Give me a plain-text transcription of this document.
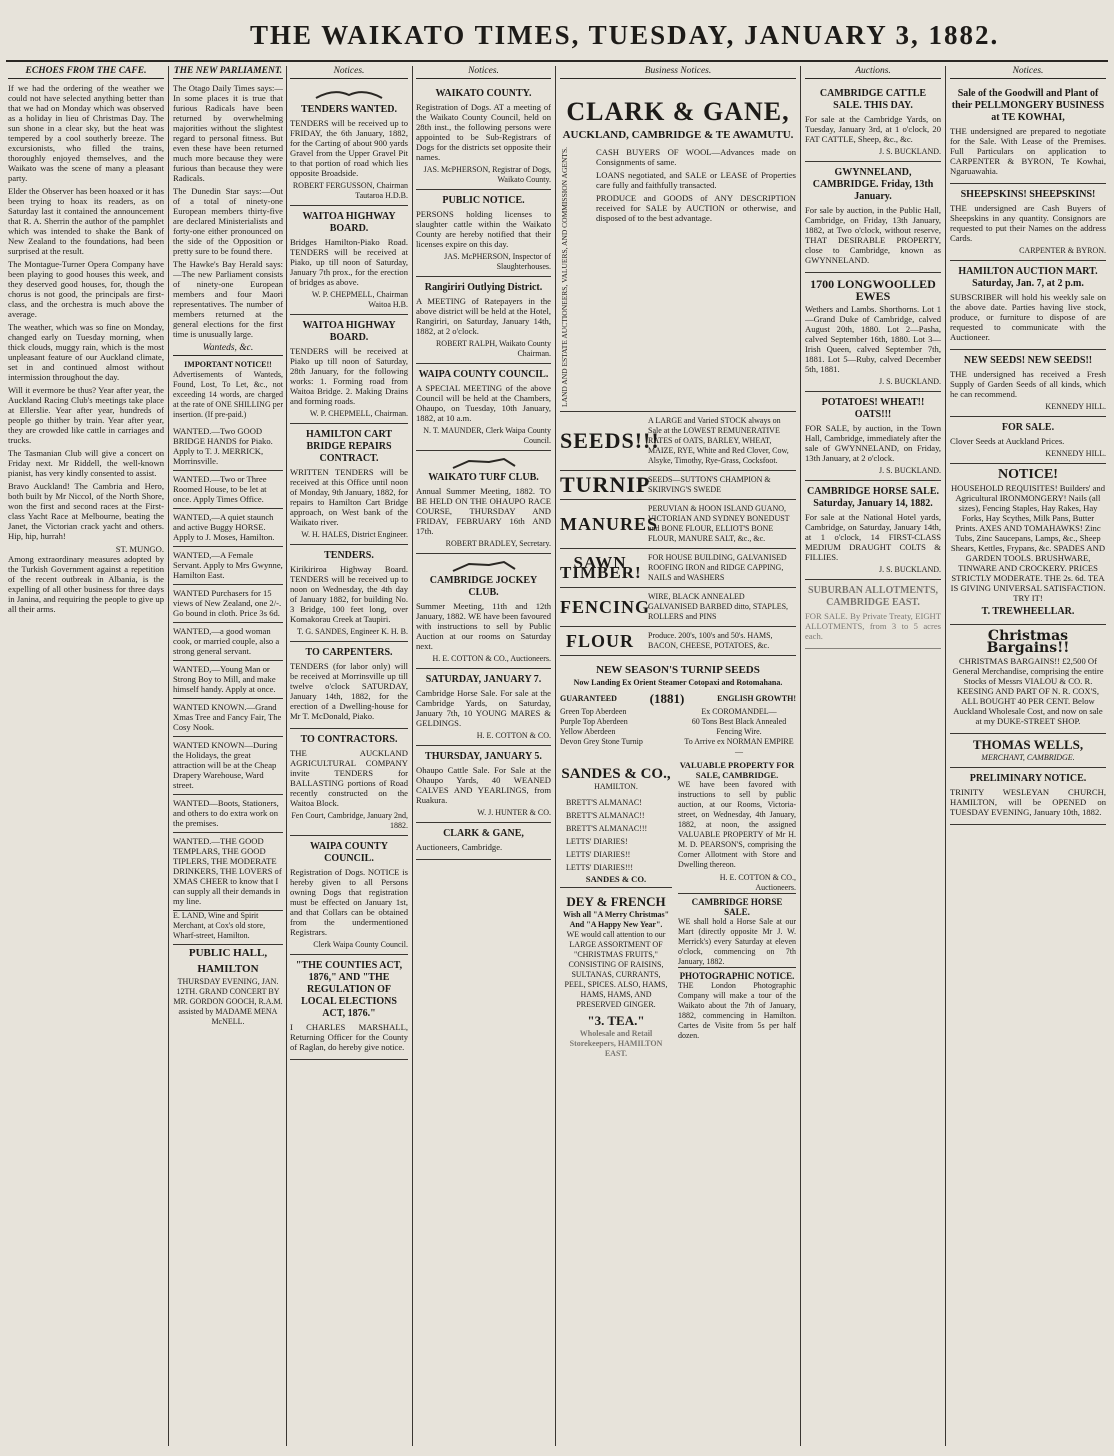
THE WAIKATO TIMES, TUESDAY, JANUARY 3, 1882.
ECHOES FROM THE CAFE.

If we had the ordering of the weather we could not have selected anything better than that we had on Monday which was observed as a holiday in lieu of Christmas Day. The sun shone in a clear sky, but the heat was tempered by a cool southerly breeze. The excursionists, who filled the trains, thoroughly enjoyed themselves, and the Waikato was the scene of many a pleasant party.

Elder the Observer has been hoaxed or it has been trying to hoax its readers, as on Saturday last it contained the announcement that R. A. Sherrin the author of the pamphlet which was intended to shake the Bank of New Zealand to the foundations, had been surprised at the result.

The Montague-Turner Opera Company have been playing to good houses this week, and they deserved good houses, for, though the chorus is not good, the principals are first-class, and the orchestra is much above the average.

The weather, which was so fine on Monday, changed early on Tuesday morning, when thick clouds, muggy rain, which is the most unpleasant feature of our Auckland climate, set in and continued almost without intermission throughout the day.

Will it evermore be thus? Year after year, the Auckland Racing Club's meetings take place at Ellerslie. Year after year, hundreds of people go thither by train. Year after year, they are crowded like cattle in carriages and trucks.

The Tasmanian Club will give a concert on Friday next. Mr Riddell, the well-known pianist, has very kindly consented to assist.

Bravo Auckland! The Cambria and Hero, both built by Mr Niccol, of the North Shore, won the first and second races at the First-class Yacht Race at Melbourne, beating the Janet, the Victorian crack yacht and others. Hip, hip, hurrah!

ST. MUNGO.

Among extraordinary measures adopted by the Turkish Government against a repetition of the recent outbreak in Albania, is the expelling of all other business for three days in Janina, and requiring the people to give up all their arms.

THE NEW PARLIAMENT.

The Otago Daily Times says:—In some places it is true that furious Radicals have been returned by overwhelming majorities without the slightest regard to personal fitness. But even these have been returned much more because they were furious than because they were Radicals.

The Dunedin Star says:—Out of a total of ninety-one European members thirty-five are declared Ministerialists and forty-one either pronounced on the side of the Opposition or pretty sure to be found there.

The Hawke's Bay Herald says:—The new Parliament consists of ninety-one European members and four Maori representatives. The number of members returned at the general elections for the first time is unusually large.

Wanteds, &c.
IMPORTANT NOTICE!!

Advertisements of Wanteds, Found, Lost, To Let, &c., not exceeding 14 words, are charged at the rate of ONE SHILLING per insertion. (If pre-paid.)

WANTED.—Two GOOD BRIDGE HANDS for Piako. Apply to T. J. MERRICK, Morrinsville.
WANTED.—Two or Three Roomed House, to be let at once. Apply Times Office.
WANTED,—A quiet staunch and active Buggy HORSE. Apply to J. Moses, Hamilton.
WANTED,—A Female Servant. Apply to Mrs Gwynne, Hamilton East.
WANTED Purchasers for 15 views of New Zealand, one 2/-. Go bound in cloth. Price 3s 6d.
WANTED,—a good woman cook, or married couple, also a strong general servant.
WANTED,—Young Man or Strong Boy to Mill, and make himself handy. Apply at once.
WANTED KNOWN.—Grand Xmas Tree and Fancy Fair, The Cosy Nook.
WANTED KNOWN—During the Holidays, the great attraction will be at the Cheap Drapery Warehouse, Ward street.
WANTED—Boots, Stationers, and others to do extra work on the premises.
WANTED.—THE GOOD TEMPLARS, THE GOOD TIPLERS, THE MODERATE DRINKERS, THE LOVERS of XMAS CHEER to know that I can supply all their demands in my line.
E. LAND, Wine and Spirit Merchant, at Cox's old store, Wharf-street, Hamilton.
PUBLIC HALL, HAMILTON
THURSDAY EVENING, JAN. 12TH. GRAND CONCERT BY MR. GORDON GOOCH, R.A.M. assisted by MADAME MENA McNELL.
Notices.
TENDERS WANTED.

TENDERS will be received up to FRIDAY, the 6th January, 1882, for the Carting of about 900 yards Gravel from the Upper Gravel Pit to that portion of road which lies opposite Broadside.

ROBERT FERGUSSON, Chairman Tautaroa H.D.B.
WAITOA HIGHWAY BOARD.

Bridges Hamilton-Piako Road. TENDERS will be received at Piako, up till noon of Saturday, January 7th prox., for the erection of bridges as above.

W. P. CHEPMELL, Chairman Waitoa H.B.
WAITOA HIGHWAY BOARD.

TENDERS will be received at Piako up till noon of Saturday, 28th January, for the following works: 1. Forming road from Waitoa Bridge. 2. Making Drains and forming roads.

W. P. CHEPMELL, Chairman.
HAMILTON CART BRIDGE REPAIRS CONTRACT.

WRITTEN TENDERS will be received at this Office until noon of Monday, 9th January, 1882, for repairs to Hamilton Cart Bridge approach, on West bank of the Waikato river.

W. H. HALES, District Engineer.
TENDERS.

Kirikiriroa Highway Board. TENDERS will be received up to noon on Wednesday, the 4th day of January 1882, for building No. 3 Bridge, 100 feet long, over Komakorau Creek at Taupiri.

T. G. SANDES, Engineer K. H. B.
TO CARPENTERS.

TENDERS (for labor only) will be received at Morrinsville up till twelve o'clock SATURDAY, January 14th, 1882, for the erection of a Dwelling-house for Mr T. McDonald, Piako.

TO CONTRACTORS.

THE AUCKLAND AGRICULTURAL COMPANY invite TENDERS for BALLASTING portions of Road recently constructed on the Waitoa Block.

Fen Court, Cambridge, January 2nd, 1882.
WAIPA COUNTY COUNCIL.

Registration of Dogs. NOTICE is hereby given to all Persons owning Dogs that registration must be effected on January 1st, and that Collars can be obtained from the undermentioned Registrars.

Clerk Waipa County Council.
"THE COUNTIES ACT, 1876," AND "THE REGULATION OF LOCAL ELECTIONS ACT, 1876."

I CHARLES MARSHALL, Returning Officer for the County of Raglan, do hereby give notice.

Notices.
WAIKATO COUNTY.

Registration of Dogs. AT a meeting of the Waikato County Council, held on 28th inst., the following persons were appointed to be Sub-Registrars of Dogs for the districts set opposite their names.

JAS. McPHERSON, Registrar of Dogs, Waikato County.
PUBLIC NOTICE.

PERSONS holding licenses to slaughter cattle within the Waikato County are hereby notified that their licenses expire on this day.

JAS. McPHERSON, Inspector of Slaughterhouses.
Rangiriri Outlying District.

A MEETING of Ratepayers in the above district will be held at the Hotel, Rangiriri, on Saturday, January 14th, 1882, at 2 o'clock.

ROBERT RALPH, Waikato County Chairman.
WAIPA COUNTY COUNCIL.

A SPECIAL MEETING of the above Council will be held at the Chambers, Ohaupo, on Tuesday, 10th January, 1882, at 10 a.m.

N. T. MAUNDER, Clerk Waipa County Council.
WAIKATO TURF CLUB.

Annual Summer Meeting, 1882. TO BE HELD ON THE OHAUPO RACE COURSE, THURSDAY AND FRIDAY, FEBRUARY 16th AND 17th.

ROBERT BRADLEY, Secretary.
CAMBRIDGE JOCKEY CLUB.

Summer Meeting, 11th and 12th January, 1882. WE have been favoured with instructions to sell by Public Auction at our rooms on Saturday next.

H. E. COTTON & CO., Auctioneers.
SATURDAY, JANUARY 7.

Cambridge Horse Sale. For sale at the Cambridge Yards, on Saturday, January 7th, 10 YOUNG MARES & GELDINGS.

H. E. COTTON & CO.
THURSDAY, JANUARY 5.

Ohaupo Cattle Sale. For Sale at the Ohaupo Yards, 40 WEANED CALVES AND YEARLINGS, from Ruakura.

W. J. HUNTER & CO.
CLARK & GANE,

Auctioneers, Cambridge.

Business Notices.
CLARK & GANE,
AUCKLAND, CAMBRIDGE & TE AWAMUTU.
LAND AND ESTATE AUCTIONEERS, VALUERS, AND COMMISSION AGENTS.	CASH BUYERS OF WOOL—Advances made on Consignments of same.

LOANS negotiated, and SALE or LEASE of Properties care fully and faithfully transacted.

PRODUCE and GOODS of ANY DESCRIPTION received for SALE by AUCTION or otherwise, and disposed of to the best advantage.

SEEDS!!!
A LARGE and Varied STOCK always on Sale at the LOWEST REMUNERATIVE RATES of OATS, BARLEY, WHEAT, MAIZE, RYE, White and Red Clover, Cow, Alsyke, Timothy, Rye-Grass, Cocksfoot.
TURNIP
SEEDS—SUTTON'S CHAMPION & SKIRVING'S SWEDE
MANURES
PERUVIAN & HOON ISLAND GUANO, VICTORIAN AND SYDNEY BONEDUST and BONE FLOUR, ELLIOT'S BONE FLOUR, MANURE SALT, &c., &c.
SAWN TIMBER!
FOR HOUSE BUILDING, GALVANISED ROOFING IRON and RIDGE CAPPING, NAILS and WASHERS
FENCING
WIRE, BLACK ANNEALED GALVANISED BARBED ditto, STAPLES, ROLLERS and PINS
FLOUR	Produce. 200's, 100's and 50's. HAMS, BACON, CHEESE, POTATOES, &c.
NEW SEASON'S TURNIP SEEDS
Now Landing Ex Orient Steamer Cotopaxi and Rotomahana.
GUARANTEED	(1881)	ENGLISH GROWTH!
Green Top Aberdeen
Purple Top Aberdeen
Yellow Aberdeen
Devon Grey Stone Turnip
Ex COROMANDEL—
60 Tons Best Black Annealed Fencing Wire.
To Arrive ex NORMAN EMPIRE—

SANDES & CO.,
HAMILTON.
BRETT'S ALMANAC!
BRETT'S ALMANAC!!
BRETT'S ALMANAC!!!
LETTS' DIARIES!
LETTS' DIARIES!!
LETTS' DIARIES!!!
SANDES & CO.
DEY & FRENCH
Wish all "A Merry Christmas" And "A Happy New Year".

WE would call attention to our LARGE ASSORTMENT OF "CHRISTMAS FRUITS," CONSISTING OF RAISINS, SULTANAS, CURRANTS, PEEL, SPICES. ALSO, HAMS, HAMS, HAMS, AND PRESERVED GINGER.

"3. TEA."
Wholesale and Retail Storekeepers, HAMILTON EAST.
VALUABLE PROPERTY FOR SALE, CAMBRIDGE.

WE have been favored with instructions to sell by public auction, at our Rooms, Victoria-street, on Wednesday, 4th January, 1882, at noon, the assigned VALUABLE PROPERTY of Mr H. M. D. PEARSON'S, comprising the Corner Allotment with Store and Dwelling thereon.

H. E. COTTON & CO., Auctioneers.
CAMBRIDGE HORSE SALE.

WE shall hold a Horse Sale at our Mart (directly opposite Mr J. W. Merrick's) every Saturday at eleven o'clock, commencing on 7th January, 1882.

PHOTOGRAPHIC NOTICE.

THE London Photographic Company will make a tour of the Waikato about the 7th of January, 1882, commencing in Hamilton. Cartes de Visite from 5s per half dozen.

Auctions.
CAMBRIDGE CATTLE SALE. THIS DAY.

For sale at the Cambridge Yards, on Tuesday, January 3rd, at 1 o'clock, 20 FAT CATTLE, Sheep, &c., &c.

J. S. BUCKLAND.
GWYNNELAND, CAMBRIDGE. Friday, 13th January.

For sale by auction, in the Public Hall, Cambridge, on Friday, 13th January, 1882, at Two o'clock, without reserve, THAT DESIRABLE PROPERTY, close to Cambridge, known as GWYNNELAND.

1700 LONGWOOLLED EWES

Wethers and Lambs. Shorthorns. Lot 1—Grand Duke of Cambridge, calved August 20th, 1880. Lot 2—Pasha, calved September 16th, 1880. Lot 3—Irish Queen, calved September 7th, 1881. Lot 5—Ruby, calved December 5th, 1881.

J. S. BUCKLAND.
POTATOES! WHEAT!! OATS!!!

FOR SALE, by auction, in the Town Hall, Cambridge, immediately after the sale of GWYNNELAND, on Friday, 13th January, at 2 o'clock.

J. S. BUCKLAND.
CAMBRIDGE HORSE SALE. Saturday, January 14, 1882.

For sale at the National Hotel yards, Cambridge, on Saturday, January 14th, at 1 o'clock, 14 FIRST-CLASS MEDIUM DRAUGHT COLTS & FILLIES.

J. S. BUCKLAND.
SUBURBAN ALLOTMENTS, CAMBRIDGE EAST.

FOR SALE. By Private Treaty, EIGHT ALLOTMENTS, from 3 to 5 acres each.

Notices.
Sale of the Goodwill and Plant of their PELLMONGERY BUSINESS at TE KOWHAI,

THE undersigned are prepared to negotiate for the Sale. With Lease of the Premises. Full Particulars on application to CARPENTER & BYRON, Te Kowhai, Ngaruawahia.

SHEEPSKINS! SHEEPSKINS!

THE undersigned are Cash Buyers of Sheepskins in any quantity. Consignors are requested to put their Names on the address Cards.

CARPENTER & BYRON.
HAMILTON AUCTION MART. Saturday, Jan. 7, at 2 p.m.

SUBSCRIBER will hold his weekly sale on the above date. Parties having live stock, produce, or furniture to dispose of are requested to communicate with the Auctioneer.

NEW SEEDS! NEW SEEDS!!

THE undersigned has received a Fresh Supply of Garden Seeds of all kinds, which he can recommend.

KENNEDY HILL.
FOR SALE.

Clover Seeds at Auckland Prices.

KENNEDY HILL.
NOTICE!

HOUSEHOLD REQUISITES! Builders' and Agricultural IRONMONGERY! Nails (all sizes), Fencing Staples, Hay Rakes, Hay Forks, Hay Scythes, Milk Pans, Butter Prints. AXES AND TOMAHAWKS! Zinc Tubs, Zinc Saucepans, Lamps, &c., Sheep Shears, Kettles, Frypans, &c. SPADES AND GARDEN TOOLS. BRUSHWARE, TINWARE AND CROCKERY. PRICES STRICTLY MODERATE. THE 2s. 6d. TEA IS GIVING UNIVERSAL SATISFACTION. TRY IT!

T. TREWHEELLAR.
Christmas Bargains!!

CHRISTMAS BARGAINS!! £2,500 Of General Merchandise, comprising the entire Stocks of Messrs VIALOU & CO. R. KEESING AND PART OF N. R. COX'S, ALL BOUGHT 40 PER CENT. Below Auckland Wholesale Cost, and now on sale at my DUKE-STREET SHOP.

THOMAS WELLS,
MERCHANT, CAMBRIDGE.
PRELIMINARY NOTICE.

TRINITY WESLEYAN CHURCH, HAMILTON, will be OPENED on TUESDAY EVENING, January 10th, 1882.
